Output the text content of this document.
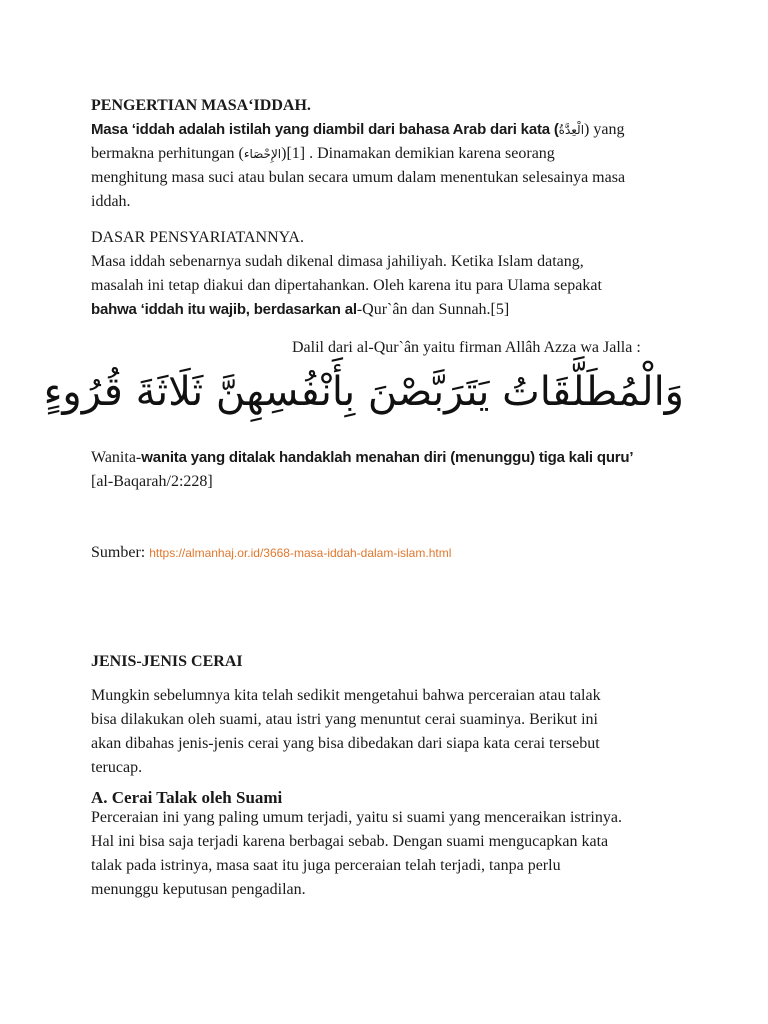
PENGERTIAN MASA‘IDDAH.
Masa ‘iddah adalah istilah yang diambil dari bahasa Arab dari kata (الْعِدَّةُ) yang
bermakna perhitungan (الإِحْصَاء)[1] . Dinamakan demikian karena seorang
menghitung masa suci atau bulan secara umum dalam menentukan selesainya masa
iddah.
DASAR PENSYARIATANNYA.
Masa iddah sebenarnya sudah dikenal dimasa jahiliyah. Ketika Islam datang,
masalah ini tetap diakui dan dipertahankan. Oleh karena itu para Ulama sepakat
bahwa ‘iddah itu wajib, berdasarkan al-Qur`ân dan Sunnah.[5]
Dalil dari al-Qur`ân yaitu firman Allâh Azza wa Jalla :
وَالْمُطَلَّقَاتُ يَتَرَبَّصْنَ بِأَنْفُسِهِنَّ ثَلَاثَةَ قُرُوءٍ
Wanita-wanita yang ditalak handaklah menahan diri (menunggu) tiga kali quru’
[al-Baqarah/2:228]
Sumber: https://almanhaj.or.id/3668-masa-iddah-dalam-islam.html
JENIS-JENIS CERAI
Mungkin sebelumnya kita telah sedikit mengetahui bahwa perceraian atau talak
bisa dilakukan oleh suami, atau istri yang menuntut cerai suaminya. Berikut ini
akan dibahas jenis-jenis cerai yang bisa dibedakan dari siapa kata cerai tersebut
terucap.
A. Cerai Talak oleh Suami
Perceraian ini yang paling umum terjadi, yaitu si suami yang menceraikan istrinya.
Hal ini bisa saja terjadi karena berbagai sebab. Dengan suami mengucapkan kata
talak pada istrinya, masa saat itu juga perceraian telah terjadi, tanpa perlu
menunggu keputusan pengadilan.
